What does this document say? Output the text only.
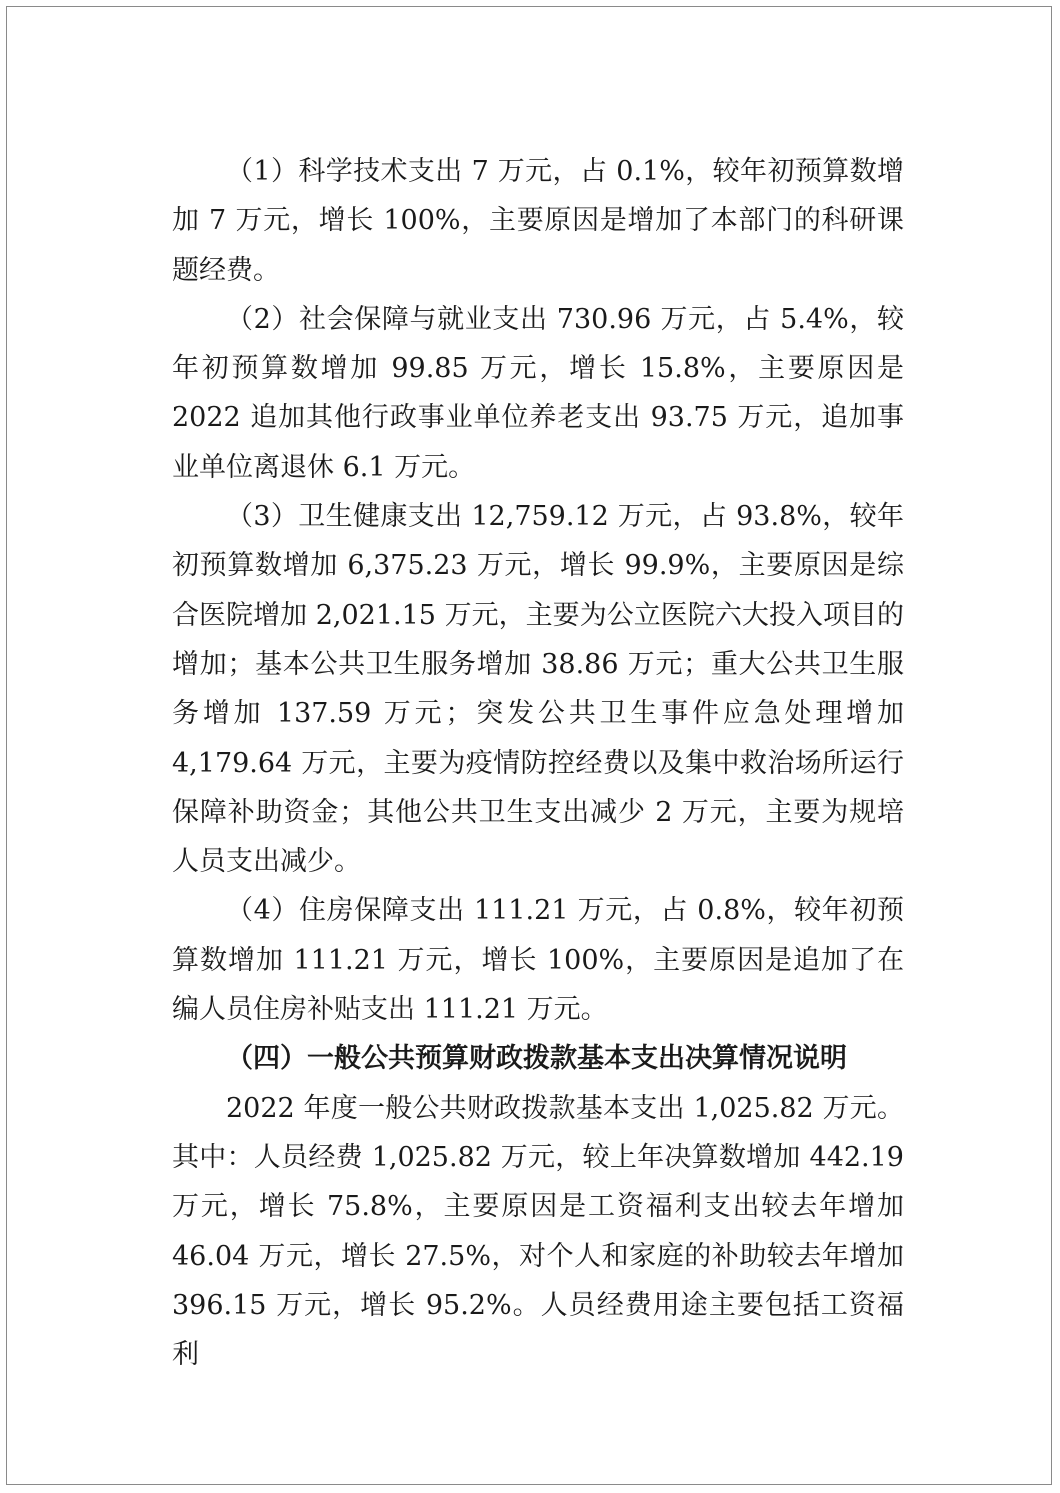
（1）科学技术支出 7 万元，占 0.1%，较年初预算数增加 7 万元，增长 100%，主要原因是增加了本部门的科研课题经费。

（2）社会保障与就业支出 730.96 万元，占 5.4%，较年初预算数增加 99.85 万元，增长 15.8%，主要原因是 2022 追加其他行政事业单位养老支出 93.75 万元，追加事业单位离退休 6.1 万元。

（3）卫生健康支出 12,759.12 万元，占 93.8%，较年初预算数增加 6,375.23 万元，增长 99.9%，主要原因是综合医院增加 2,021.15 万元，主要为公立医院六大投入项目的增加；基本公共卫生服务增加 38.86 万元；重大公共卫生服务增加 137.59 万元；突发公共卫生事件应急处理增加 4,179.64 万元，主要为疫情防控经费以及集中救治场所运行保障补助资金；其他公共卫生支出减少 2 万元，主要为规培人员支出减少。

（4）住房保障支出 111.21 万元，占 0.8%，较年初预算数增加 111.21 万元，增长 100%，主要原因是追加了在编人员住房补贴支出 111.21 万元。

（四）一般公共预算财政拨款基本支出决算情况说明

2022 年度一般公共财政拨款基本支出 1,025.82 万元。其中：人员经费 1,025.82 万元，较上年决算数增加 442.19 万元，增长 75.8%，主要原因是工资福利支出较去年增加 46.04 万元，增长 27.5%，对个人和家庭的补助较去年增加 396.15 万元，增长 95.2%。人员经费用途主要包括工资福利
